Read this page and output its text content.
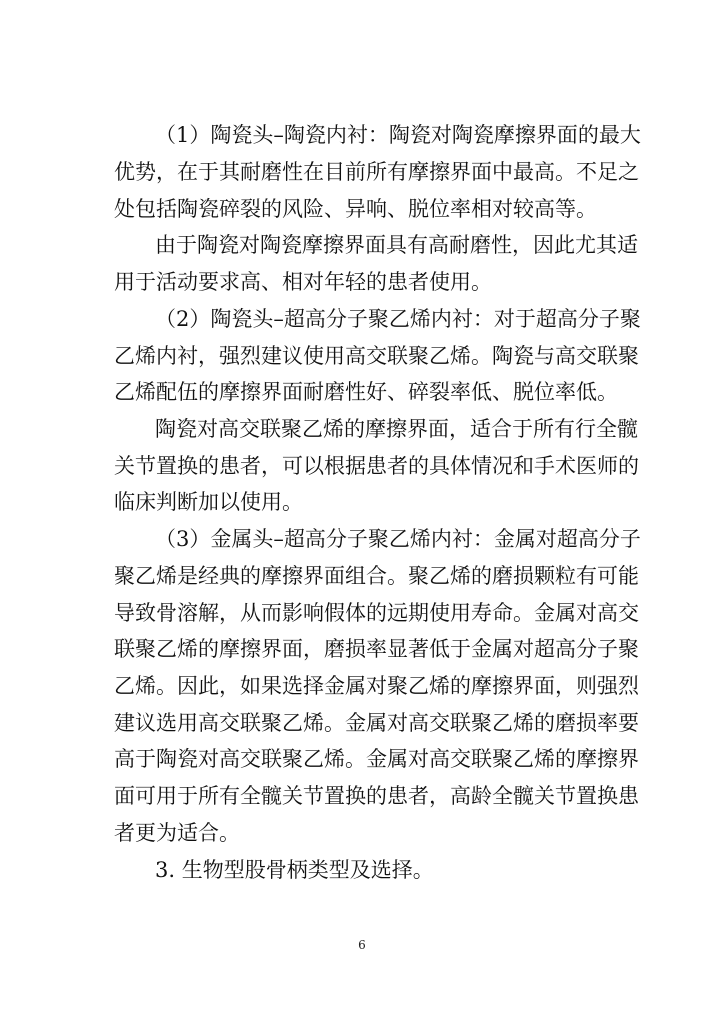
（1）陶瓷头–陶瓷内衬：陶瓷对陶瓷摩擦界面的最大
优势，在于其耐磨性在目前所有摩擦界面中最高。不足之
处包括陶瓷碎裂的风险、异响、脱位率相对较高等。
由于陶瓷对陶瓷摩擦界面具有高耐磨性，因此尤其适
用于活动要求高、相对年轻的患者使用。
（2）陶瓷头–超高分子聚乙烯内衬：对于超高分子聚
乙烯内衬，强烈建议使用高交联聚乙烯。陶瓷与高交联聚
乙烯配伍的摩擦界面耐磨性好、碎裂率低、脱位率低。
陶瓷对高交联聚乙烯的摩擦界面，适合于所有行全髋
关节置换的患者，可以根据患者的具体情况和手术医师的
临床判断加以使用。
（3）金属头–超高分子聚乙烯内衬：金属对超高分子
聚乙烯是经典的摩擦界面组合。聚乙烯的磨损颗粒有可能
导致骨溶解，从而影响假体的远期使用寿命。金属对高交
联聚乙烯的摩擦界面，磨损率显著低于金属对超高分子聚
乙烯。因此，如果选择金属对聚乙烯的摩擦界面，则强烈
建议选用高交联聚乙烯。金属对高交联聚乙烯的磨损率要
高于陶瓷对高交联聚乙烯。金属对高交联聚乙烯的摩擦界
面可用于所有全髋关节置换的患者，高龄全髋关节置换患
者更为适合。
3. 生物型股骨柄类型及选择。
6
